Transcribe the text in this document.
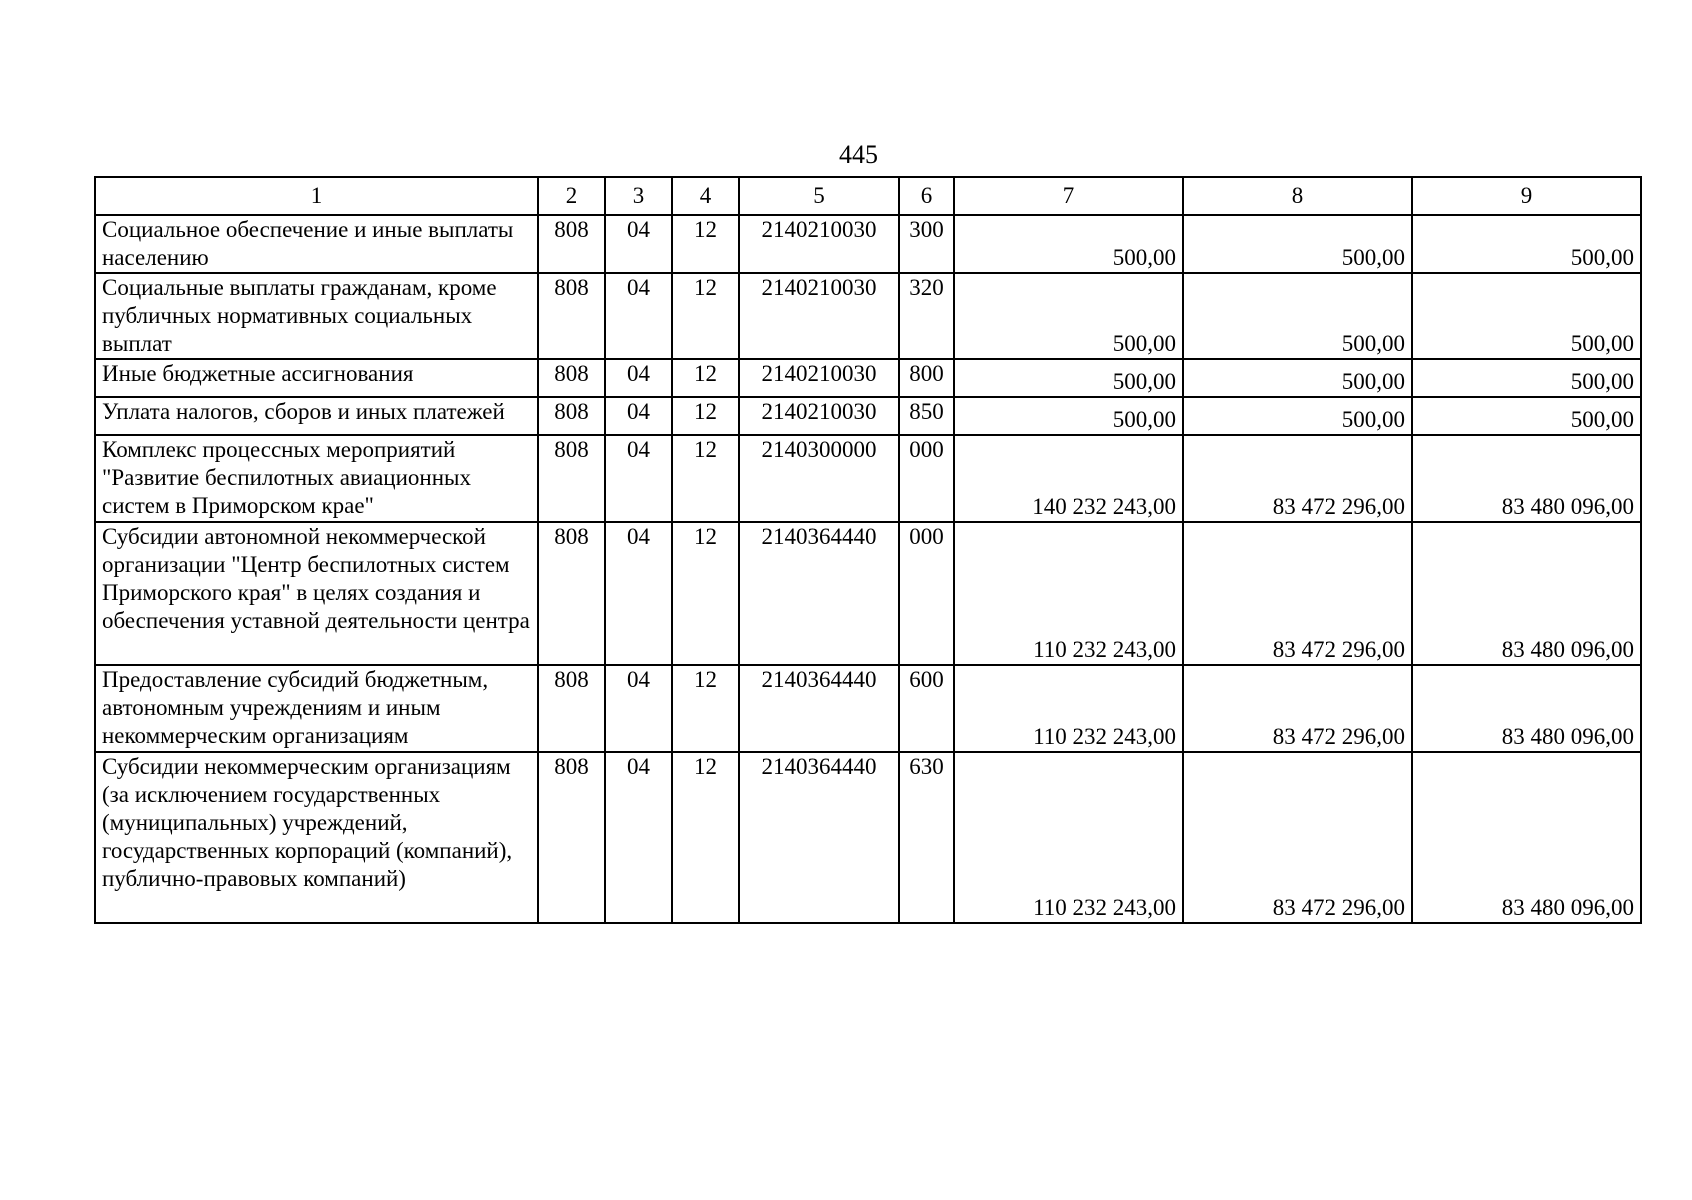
445
1	2	3	4	5	6	7	8	9
Социальное обеспечение и иные выплаты населению	808	04	12	2140210030	300	500,00	500,00	500,00
Социальные выплаты гражданам, кроме публичных нормативных социальных выплат	808	04	12	2140210030	320	500,00	500,00	500,00
Иные бюджетные ассигнования	808	04	12	2140210030	800	500,00	500,00	500,00
Уплата налогов, сборов и иных платежей	808	04	12	2140210030	850	500,00	500,00	500,00
Комплекс процессных мероприятий "Развитие беспилотных авиационных систем в Приморском крае"	808	04	12	2140300000	000	140 232 243,00	83 472 296,00	83 480 096,00
Субсидии автономной некоммерческой организации "Центр беспилотных систем Приморского края" в целях создания и обеспечения уставной деятельности центра	808	04	12	2140364440	000	110 232 243,00	83 472 296,00	83 480 096,00
Предоставление субсидий бюджетным, автономным учреждениям и иным некоммерческим организациям	808	04	12	2140364440	600	110 232 243,00	83 472 296,00	83 480 096,00
Субсидии некоммерческим организациям (за исключением государственных (муниципальных) учреждений, государственных корпораций (компаний), публично-правовых компаний)	808	04	12	2140364440	630	110 232 243,00	83 472 296,00	83 480 096,00
